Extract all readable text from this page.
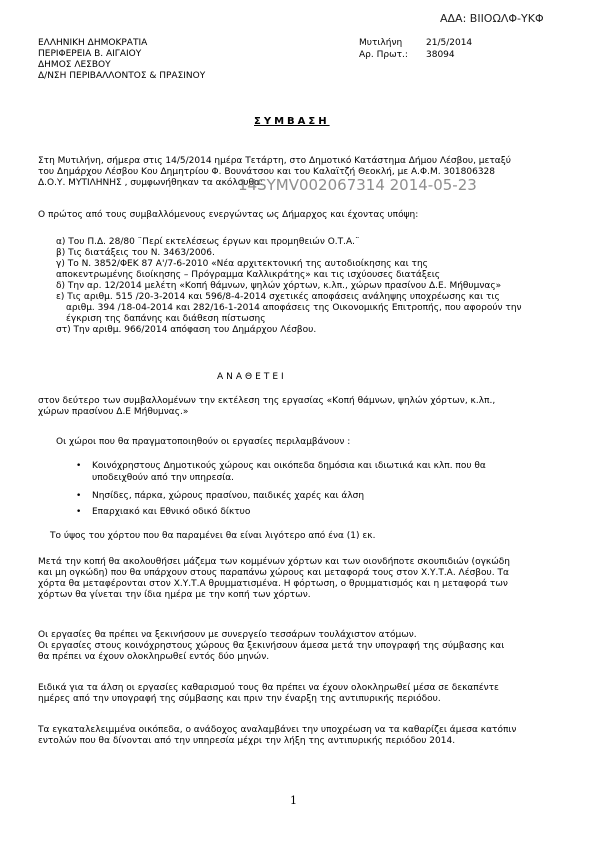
ΑΔΑ: ΒΙΙΟΩΛΦ-ΥΚΦ
ΕΛΛΗΝΙΚΗ ΔΗΜΟΚΡΑΤΙΑ
ΠΕΡΙΦΕΡΕΙΑ Β. ΑΙΓΑΙΟΥ
ΔΗΜΟΣ ΛΕΣΒΟΥ
Δ/ΝΣΗ ΠΕΡΙΒΑΛΛΟΝΤΟΣ & ΠΡΑΣΙΝΟΥ
Μυτιλήνη	21/5/2014
Αρ. Πρωτ.: 38094
ΣΥΜΒΑΣΗ
Στη Μυτιλήνη, σήμερα στις 14/5/2014 ημέρα Τετάρτη, στο Δημοτικό Κατάστημα Δήμου Λέσβου, μεταξύ
του Δημάρχου Λέσβου Κου Δημητρίου Φ. Βουνάτσου και του Καλαϊτζή Θεοκλή, με Α.Φ.Μ. 301806328
Δ.Ο.Υ. ΜΥΤΙΛΗΝΗΣ , συμφωνήθηκαν τα ακόλουθα:
14SYMV002067314 2014-05-23
Ο πρώτος από τους συμβαλλόμενους ενεργώντας ως Δήμαρχος και έχοντας υπόψη:
α) Του Π.Δ. 28/80 ¨Περί εκτελέσεως έργων και προμηθειών Ο.Τ.Α.¨
β) Τις διατάξεις του Ν. 3463/2006.
γ) Το Ν. 3852/ΦΕΚ 87 Α'/7-6-2010 «Νέα αρχιτεκτονική της αυτοδιοίκησης και της
αποκεντρωμένης διοίκησης – Πρόγραμμα Καλλικράτης» και τις ισχύουσες διατάξεις
δ) Την αρ. 12/2014 μελέτη «Κοπή θάμνων, ψηλών χόρτων, κ.λπ., χώρων πρασίνου Δ.Ε. Μήθυμνας»
ε) Τις αριθμ. 515 /20-3-2014 και 596/8-4-2014 σχετικές αποφάσεις ανάληψης υποχρέωσης και τις
αριθμ. 394 /18-04-2014 και 282/16-1-2014 αποφάσεις της Οικονομικής Επιτροπής, που αφορούν την
έγκριση της δαπάνης και διάθεση πίστωσης
στ) Την αριθμ. 966/2014 απόφαση του Δημάρχου Λέσβου.
ΑΝΑΘΕΤΕΙ
στον δεύτερο των συμβαλλομένων την εκτέλεση της εργασίας «Κοπή θάμνων, ψηλών χόρτων, κ.λπ.,
χώρων πρασίνου Δ.Ε Μήθυμνας.»
Οι χώροι που θα πραγματοποιηθούν οι εργασίες περιλαμβάνουν :
• Κοινόχρηστους Δημοτικούς χώρους και οικόπεδα δημόσια και ιδιωτικά και κλπ. που θα
υποδειχθούν από την υπηρεσία.
• Νησίδες, πάρκα, χώρους πρασίνου, παιδικές χαρές και άλση
• Επαρχιακό και Εθνικό οδικό δίκτυο
Το ύψος του χόρτου που θα παραμένει θα είναι λιγότερο από ένα (1) εκ.
Μετά την κοπή θα ακολουθήσει μάζεμα των κομμένων χόρτων και των οιονδήποτε σκουπιδιών (ογκώδη
και μη ογκώδη) που θα υπάρχουν στους παραπάνω χώρους και μεταφορά τους στον Χ.Υ.Τ.Α. Λέσβου. Τα
χόρτα θα μεταφέρονται στον Χ.Υ.Τ.Α θρυμματισμένα. Η φόρτωση, ο θρυμματισμός και η μεταφορά των
χόρτων θα γίνεται την ίδια ημέρα με την κοπή των χόρτων.
Οι εργασίες θα πρέπει να ξεκινήσουν με συνεργείο τεσσάρων τουλάχιστον ατόμων.
Οι εργασίες στους κοινόχρηστους χώρους θα ξεκινήσουν άμεσα μετά την υπογραφή της σύμβασης και
θα πρέπει να έχουν ολοκληρωθεί εντός δύο μηνών.
Ειδικά για τα άλση οι εργασίες καθαρισμού τους θα πρέπει να έχουν ολοκληρωθεί μέσα σε δεκαπέντε
ημέρες από την υπογραφή της σύμβασης και πριν την έναρξη της αντιπυρικής περιόδου.
Τα εγκαταλελειμμένα οικόπεδα, ο ανάδοχος αναλαμβάνει την υποχρέωση να τα καθαρίζει άμεσα κατόπιν
εντολών που θα δίνονται από την υπηρεσία μέχρι την λήξη της αντιπυρικής περιόδου 2014.
1
